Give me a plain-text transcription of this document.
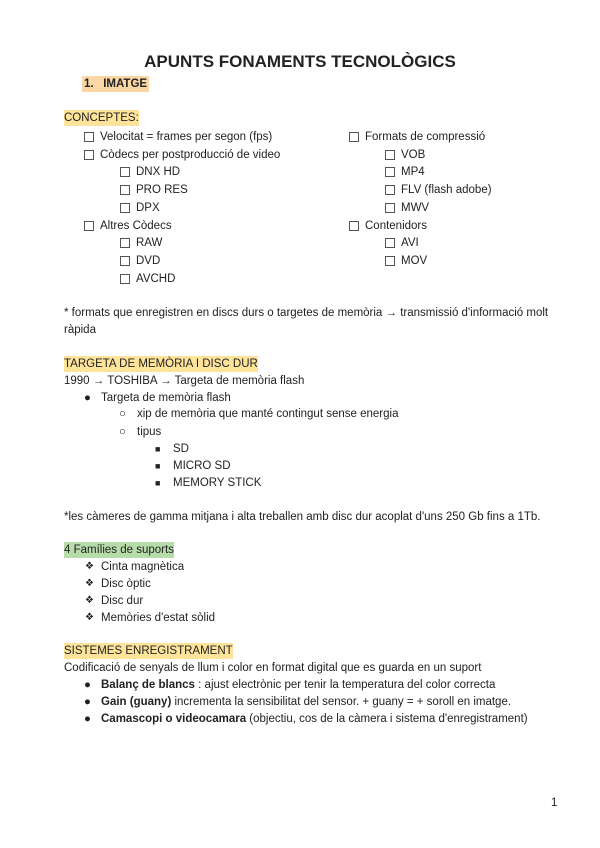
APUNTS FONAMENTS TECNOLÒGICS
1. IMATGE
CONCEPTES:
Velocitat = frames per segon (fps)
Còdecs per postproducció de video
DNX HD
PRO RES
DPX
Altres Còdecs
RAW
DVD
AVCHD
Formats de compressió
VOB
MP4
FLV (flash adobe)
MWV
Contenidors
AVI
MOV
* formats que enregistren en discs durs o targetes de memòria → transmissió d'informació molt
ràpida
TARGETA DE MEMÒRIA I DISC DUR
1990 → TOSHIBA → Targeta de memòria flash
● Targeta de memòria flash
○ xip de memòria que manté contingut sense energia
○ tipus
■ SD
■ MICRO SD
■ MEMORY STICK
*les càmeres de gamma mitjana i alta treballen amb disc dur acoplat d'uns 250 Gb fins a 1Tb.
4 Famílies de suports
❖ Cinta magnètica
❖ Disc òptic
❖ Disc dur
❖ Memòries d'estat sòlid
SISTEMES ENREGISTRAMENT
Codificació de senyals de llum i color en format digital que es guarda en un suport
● Balanç de blancs : ajust electrònic per tenir la temperatura del color correcta
● Gain (guany) incrementa la sensibilitat del sensor. + guany = + soroll en imatge.
● Camascopi o videocamara (objectiu, cos de la càmera i sistema d'enregistrament)
1
